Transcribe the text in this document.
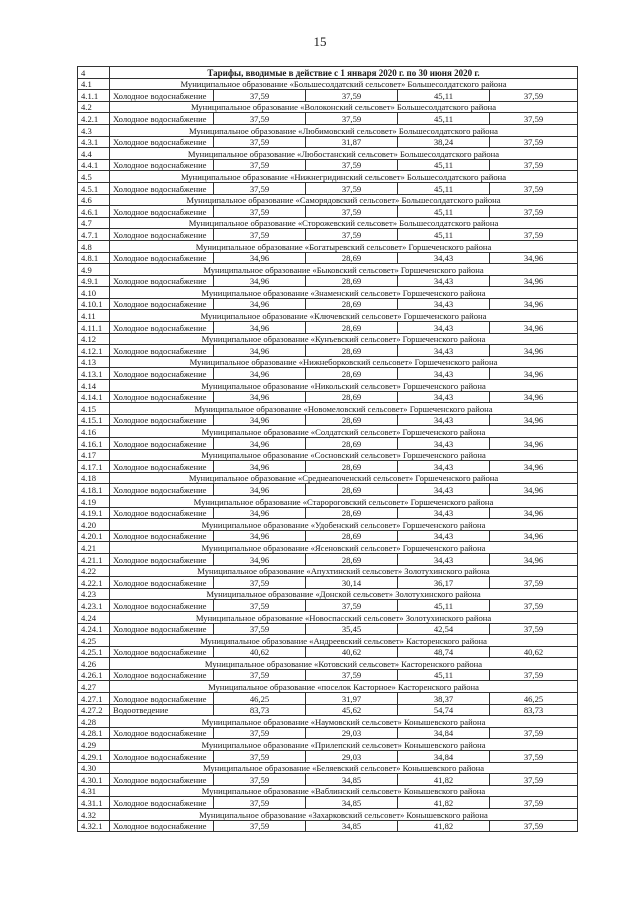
15
4	Тарифы, вводимые в действие с 1 января 2020 г. по 30 июня 2020 г.				
4.1	Муниципальное образование «Большесолдатский сельсовет» Большесолдатского района				
4.1.1	Холодное водоснабжение	37,59	37,59	45,11	37,59
4.2	Муниципальное образование «Волоконский сельсовет» Большесолдатского района				
4.2.1	Холодное водоснабжение	37,59	37,59	45,11	37,59
4.3	Муниципальное образование «Любимовский сельсовет» Большесолдатского района				
4.3.1	Холодное водоснабжение	37,59	31,87	38,24	37,59
4.4	Муниципальное образование «Любостанский сельсовет» Большесолдатского района				
4.4.1	Холодное водоснабжение	37,59	37,59	45,11	37,59
4.5	Муниципальное образование «Нижнегридинский сельсовет» Большесолдатского района				
4.5.1	Холодное водоснабжение	37,59	37,59	45,11	37,59
4.6	Муниципальное образование «Саморядовский сельсовет» Большесолдатского района				
4.6.1	Холодное водоснабжение	37,59	37,59	45,11	37,59
4.7	Муниципальное образование «Сторожевский сельсовет» Большесолдатского района				
4.7.1	Холодное водоснабжение	37,59	37,59	45,11	37,59
4.8	Муниципальное образование «Богатыревский сельсовет» Горшеченского района				
4.8.1	Холодное водоснабжение	34,96	28,69	34,43	34,96
4.9	Муниципальное образование «Быковский сельсовет» Горшеченского района				
4.9.1	Холодное водоснабжение	34,96	28,69	34,43	34,96
4.10	Муниципальное образование «Знаменский сельсовет» Горшеченского района				
4.10.1	Холодное водоснабжение	34,96	28,69	34,43	34,96
4.11	Муниципальное образование «Ключевский сельсовет» Горшеченского района				
4.11.1	Холодное водоснабжение	34,96	28,69	34,43	34,96
4.12	Муниципальное образование «Кунъевский сельсовет» Горшеченского района				
4.12.1	Холодное водоснабжение	34,96	28,69	34,43	34,96
4.13	Муниципальное образование «Нижнеборковский сельсовет» Горшеченского района				
4.13.1	Холодное водоснабжение	34,96	28,69	34,43	34,96
4.14	Муниципальное образование «Никольский сельсовет» Горшеченского района				
4.14.1	Холодное водоснабжение	34,96	28,69	34,43	34,96
4.15	Муниципальное образование «Новомеловский сельсовет» Горшеченского района				
4.15.1	Холодное водоснабжение	34,96	28,69	34,43	34,96
4.16	Муниципальное образование «Солдатский сельсовет» Горшеченского района				
4.16.1	Холодное водоснабжение	34,96	28,69	34,43	34,96
4.17	Муниципальное образование «Сосновский сельсовет» Горшеченского района				
4.17.1	Холодное водоснабжение	34,96	28,69	34,43	34,96
4.18	Муниципальное образование «Среднеапоченский сельсовет» Горшеченского района				
4.18.1	Холодное водоснабжение	34,96	28,69	34,43	34,96
4.19	Муниципальное образование «Старороговский сельсовет» Горшеченского района				
4.19.1	Холодное водоснабжение	34,96	28,69	34,43	34,96
4.20	Муниципальное образование «Удобенский сельсовет» Горшеченского района				
4.20.1	Холодное водоснабжение	34,96	28,69	34,43	34,96
4.21	Муниципальное образование «Ясеновский сельсовет» Горшеченского района				
4.21.1	Холодное водоснабжение	34,96	28,69	34,43	34,96
4.22	Муниципальное образование «Апухтинский сельсовет» Золотухинского района				
4.22.1	Холодное водоснабжение	37,59	30,14	36,17	37,59
4.23	Муниципальное образование «Донской сельсовет» Золотухинского района				
4.23.1	Холодное водоснабжение	37,59	37,59	45,11	37,59
4.24	Муниципальное образование «Новоспасский сельсовет» Золотухинского района				
4.24.1	Холодное водоснабжение	37,59	35,45	42,54	37,59
4.25	Муниципальное образование «Андреевский сельсовет» Касторенского района				
4.25.1	Холодное водоснабжение	40,62	40,62	48,74	40,62
4.26	Муниципальное образование «Котовский сельсовет» Касторенского района				
4.26.1	Холодное водоснабжение	37,59	37,59	45,11	37,59
4.27	Муниципальное образование «поселок Касторное» Касторенского района				
4.27.1	Холодное водоснабжение	46,25	31,97	38,37	46,25
4.27.2	Водоотведение	83,73	45,62	54,74	83,73
4.28	Муниципальное образование «Наумовский сельсовет» Конышевского района				
4.28.1	Холодное водоснабжение	37,59	29,03	34,84	37,59
4.29	Муниципальное образование «Прилепский сельсовет» Конышевского района				
4.29.1	Холодное водоснабжение	37,59	29,03	34,84	37,59
4.30	Муниципальное образование «Беляевский сельсовет» Конышевского района				
4.30.1	Холодное водоснабжение	37,59	34,85	41,82	37,59
4.31	Муниципальное образование «Ваблинский сельсовет» Конышевского района				
4.31.1	Холодное водоснабжение	37,59	34,85	41,82	37,59
4.32	Муниципальное образование «Захарковский сельсовет» Конышевского района				
4.32.1	Холодное водоснабжение	37,59	34,85	41,82	37,59
